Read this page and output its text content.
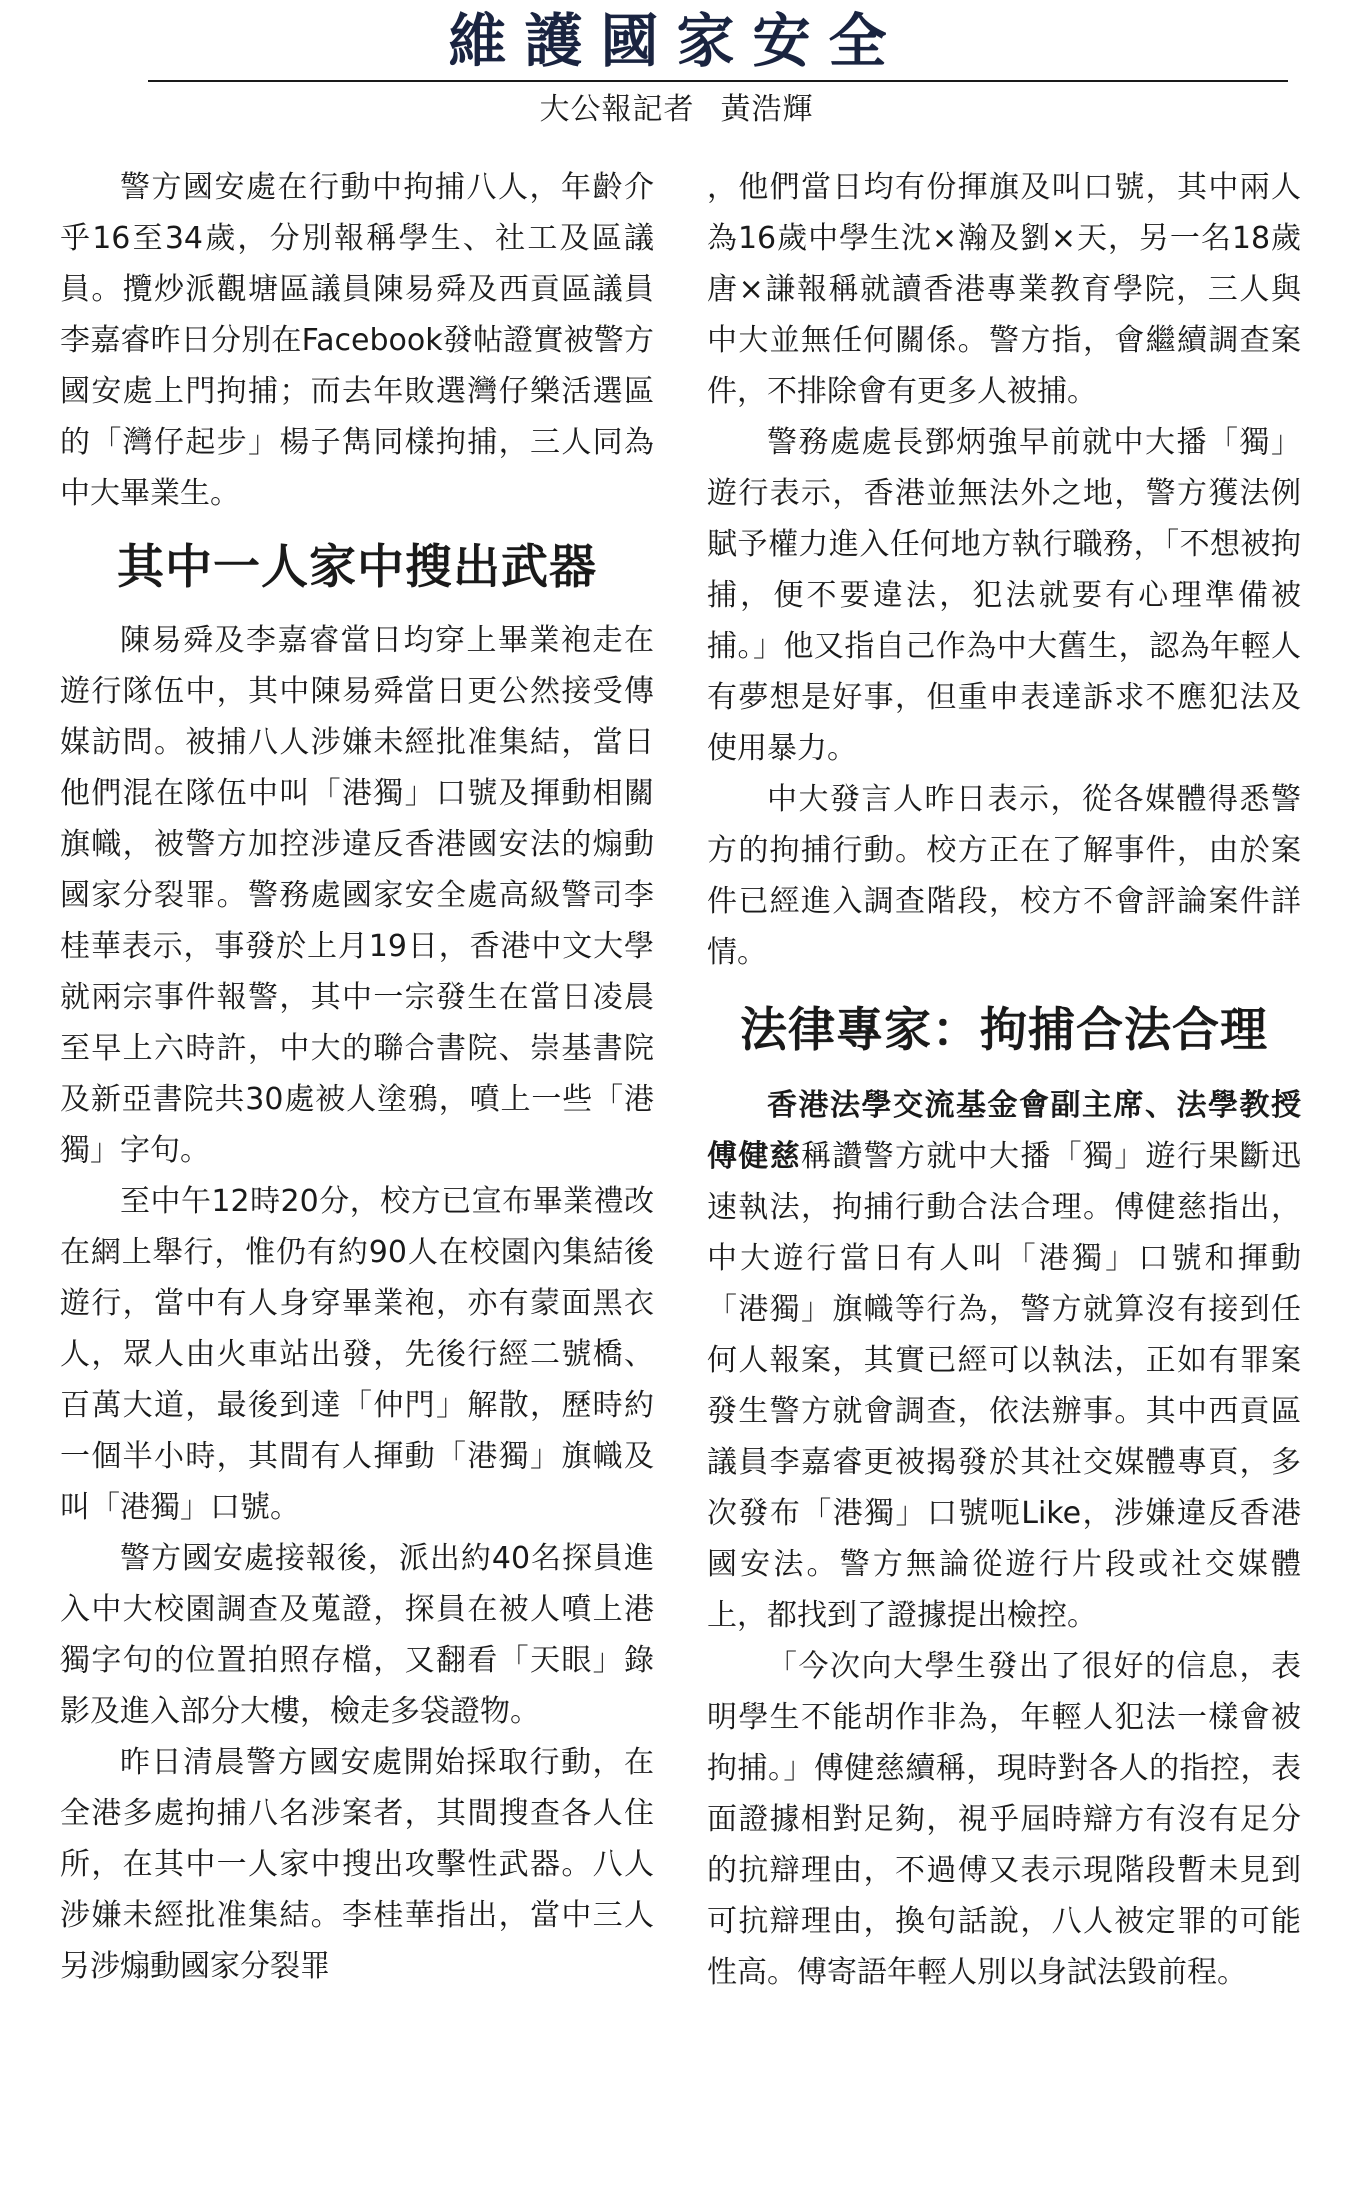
維護國家安全
大公報記者 黃浩輝

警方國安處在行動中拘捕八人，年齡介乎16至34歲，分別報稱學生、社工及區議員。攬炒派觀塘區議員陳易舜及西貢區議員李嘉睿昨日分別在Facebook發帖證實被警方國安處上門拘捕；而去年敗選灣仔樂活選區的「灣仔起步」楊子雋同樣拘捕，三人同為中大畢業生。

其中一人家中搜出武器

陳易舜及李嘉睿當日均穿上畢業袍走在遊行隊伍中，其中陳易舜當日更公然接受傳媒訪問。被捕八人涉嫌未經批准集結，當日他們混在隊伍中叫「港獨」口號及揮動相關旗幟，被警方加控涉違反香港國安法的煽動國家分裂罪。警務處國家安全處高級警司李桂華表示，事發於上月19日，香港中文大學就兩宗事件報警，其中一宗發生在當日凌晨至早上六時許，中大的聯合書院、崇基書院及新亞書院共30處被人塗鴉，噴上一些「港獨」字句。

至中午12時20分，校方已宣布畢業禮改在網上舉行，惟仍有約90人在校園內集結後遊行，當中有人身穿畢業袍，亦有蒙面黑衣人，眾人由火車站出發，先後行經二號橋、百萬大道，最後到達「仲門」解散，歷時約一個半小時，其間有人揮動「港獨」旗幟及叫「港獨」口號。

警方國安處接報後，派出約40名探員進入中大校園調查及蒐證，探員在被人噴上港獨字句的位置拍照存檔，又翻看「天眼」錄影及進入部分大樓，檢走多袋證物。

昨日清晨警方國安處開始採取行動，在全港多處拘捕八名涉案者，其間搜查各人住所，在其中一人家中搜出攻擊性武器。八人涉嫌未經批准集結。李桂華指出，當中三人另涉煽動國家分裂罪

，他們當日均有份揮旗及叫口號，其中兩人為16歲中學生沈×瀚及劉×天，另一名18歲唐×謙報稱就讀香港專業教育學院，三人與中大並無任何關係。警方指，會繼續調查案件，不排除會有更多人被捕。

警務處處長鄧炳強早前就中大播「獨」遊行表示，香港並無法外之地，警方獲法例賦予權力進入任何地方執行職務，「不想被拘捕，便不要違法，犯法就要有心理準備被捕。」他又指自己作為中大舊生，認為年輕人有夢想是好事，但重申表達訴求不應犯法及使用暴力。

中大發言人昨日表示，從各媒體得悉警方的拘捕行動。校方正在了解事件，由於案件已經進入調查階段，校方不會評論案件詳情。

法律專家：拘捕合法合理

香港法學交流基金會副主席、法學教授傅健慈稱讚警方就中大播「獨」遊行果斷迅速執法，拘捕行動合法合理。傅健慈指出，中大遊行當日有人叫「港獨」口號和揮動「港獨」旗幟等行為，警方就算沒有接到任何人報案，其實已經可以執法，正如有罪案發生警方就會調查，依法辦事。其中西貢區議員李嘉睿更被揭發於其社交媒體專頁，多次發布「港獨」口號呃Like，涉嫌違反香港國安法。警方無論從遊行片段或社交媒體上，都找到了證據提出檢控。

「今次向大學生發出了很好的信息，表明學生不能胡作非為，年輕人犯法一樣會被拘捕。」傅健慈續稱，現時對各人的指控，表面證據相對足夠，視乎屆時辯方有沒有足分的抗辯理由，不過傅又表示現階段暫未見到可抗辯理由，換句話說，八人被定罪的可能性高。傅寄語年輕人別以身試法毀前程。
